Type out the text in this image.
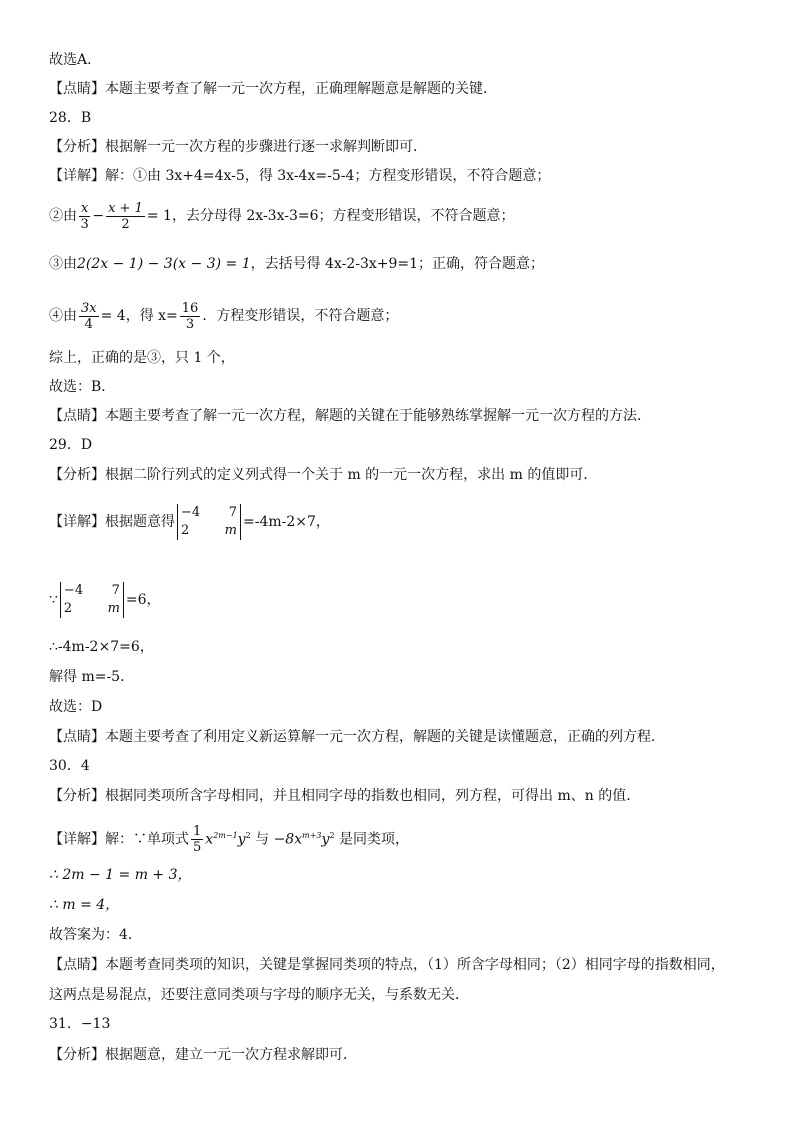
故选A．
【点睛】本题主要考查了解一元一次方程，正确理解题意是解题的关键．
28．B
【分析】根据解一元一次方程的步骤进行逐一求解判断即可．
【详解】解：①由 3x+4=4x-5，得 3x-4x=-5-4；方程变形错误，不符合题意；
②由 $\frac{x}{3} - \frac{x + 1}{2} = 1$，去分母得 2x-3x-3=6；方程变形错误，不符合题意；
③由2(2x − 1) − 3(x − 3) = 1，去括号得 4x-2-3x+9=1；正确，符合题意；
④由 $\frac{3x}{4} = 4$，得 $x= \frac{16}{3}$ ．方程变形错误，不符合题意；
综上，正确的是③，只 1 个，
故选：B．
【点睛】本题主要考查了解一元一次方程，解题的关键在于能够熟练掌握解一元一次方程的方法．
29．D
【分析】根据二阶行列式的定义列式得一个关于 m 的一元一次方程，求出 m 的值即可．
【详解】根据题意得
−4	7
2	m
=-4m-2×7，
∵
−4	7
2	m
=6，
∴-4m-2×7=6，
解得 m=-5．
故选：D
【点睛】本题主要考查了利用定义新运算解一元一次方程，解题的关键是读懂题意，正确的列方程．
30．4
【分析】根据同类项所含字母相同，并且相同字母的指数也相同，列方程，可得出 m、n 的值．
【详解】解：∵单项式 $\frac{1}{5} x^{2m-1}y^2$ 与 $-8x^{m+3}y^2$ 是同类项，
∴ 2m − 1 = m + 3，
∴ m = 4，
故答案为：4．
【点睛】本题考查同类项的知识，关键是掌握同类项的特点，（1）所含字母相同；（2）相同字母的指数相同，
这两点是易混点，还要注意同类项与字母的顺序无关，与系数无关．
31．−13
【分析】根据题意，建立一元一次方程求解即可．
